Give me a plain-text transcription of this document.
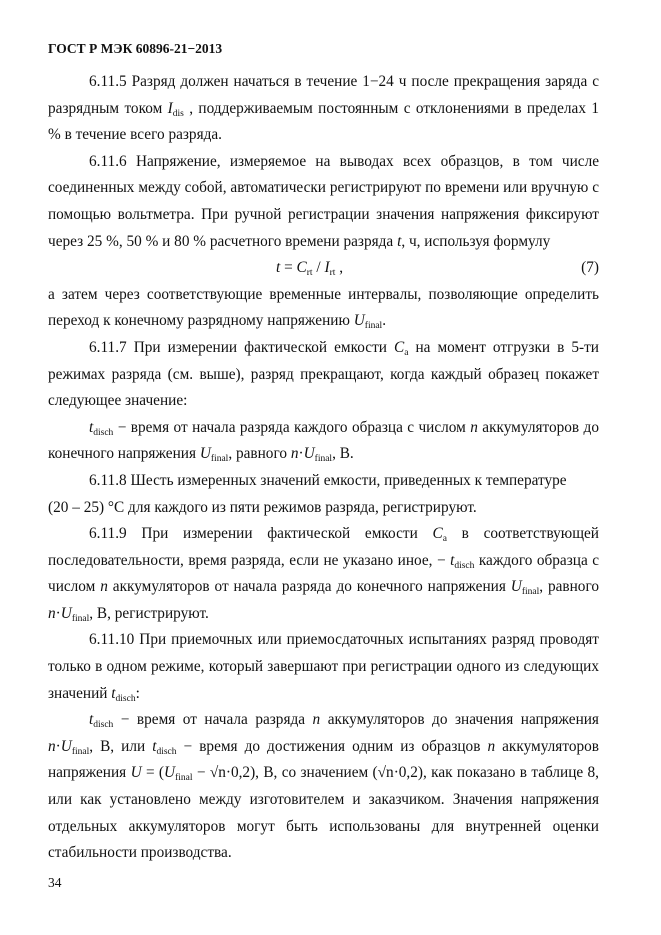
ГОСТ Р МЭК 60896-21−2013

6.11.5 Разряд должен начаться в течение 1−24 ч после прекращения заряда с разрядным током $I_{dis}$ , поддерживаемым постоянным с отклонениями в пределах 1 % в течение всего разряда.

6.11.6 Напряжение, измеряемое на выводах всех образцов, в том числе соединенных между собой, автоматически регистрируют по времени или вручную с помощью вольтметра. При ручной регистрации значения напряжения фиксируют через 25 %, 50 % и 80 % расчетного времени разряда t, ч, используя формулу

$t = C_{rt} / I_{rt}$ ,	(7)

а затем через соответствующие временные интервалы, позволяющие определить переход к конечному разрядному напряжению $U_{final}$.

6.11.7 При измерении фактической емкости $C_a$ на момент отгрузки в 5-ти режимах разряда (см. выше), разряд прекращают, когда каждый образец покажет следующее значение:

$t_{disch}$ − время от начала разряда каждого образца с числом n аккумуляторов до конечного напряжения $U_{final}$, равного $n\cdot U_{final}$, В.

6.11.8 Шесть измеренных значений емкости, приведенных к температуре

(20 – 25) °С для каждого из пяти режимов разряда, регистрируют.

6.11.9 При измерении фактической емкости $C_a$ в соответствующей последовательности, время разряда, если не указано иное, − $t_{disch}$ каждого образца с числом n аккумуляторов от начала разряда до конечного напряжения $U_{final}$, равного $n\cdot U_{final}$, В, регистрируют.

6.11.10 При приемочных или приемосдаточных испытаниях разряд проводят только в одном режиме, который завершают при регистрации одного из следующих значений $t_{disch}$:

$t_{disch}$ − время от начала разряда n аккумуляторов до значения напряжения $n\cdot U_{final}$, В, или $t_{disch}$ − время до достижения одним из образцов n аккумуляторов напряжения $U = (U_{final} - √n\cdot 0,2)$, В, со значением (√n·0,2), как показано в таблице 8, или как установлено между изготовителем и заказчиком. Значения напряжения отдельных аккумуляторов могут быть использованы для внутренней оценки стабильности производства.

34
